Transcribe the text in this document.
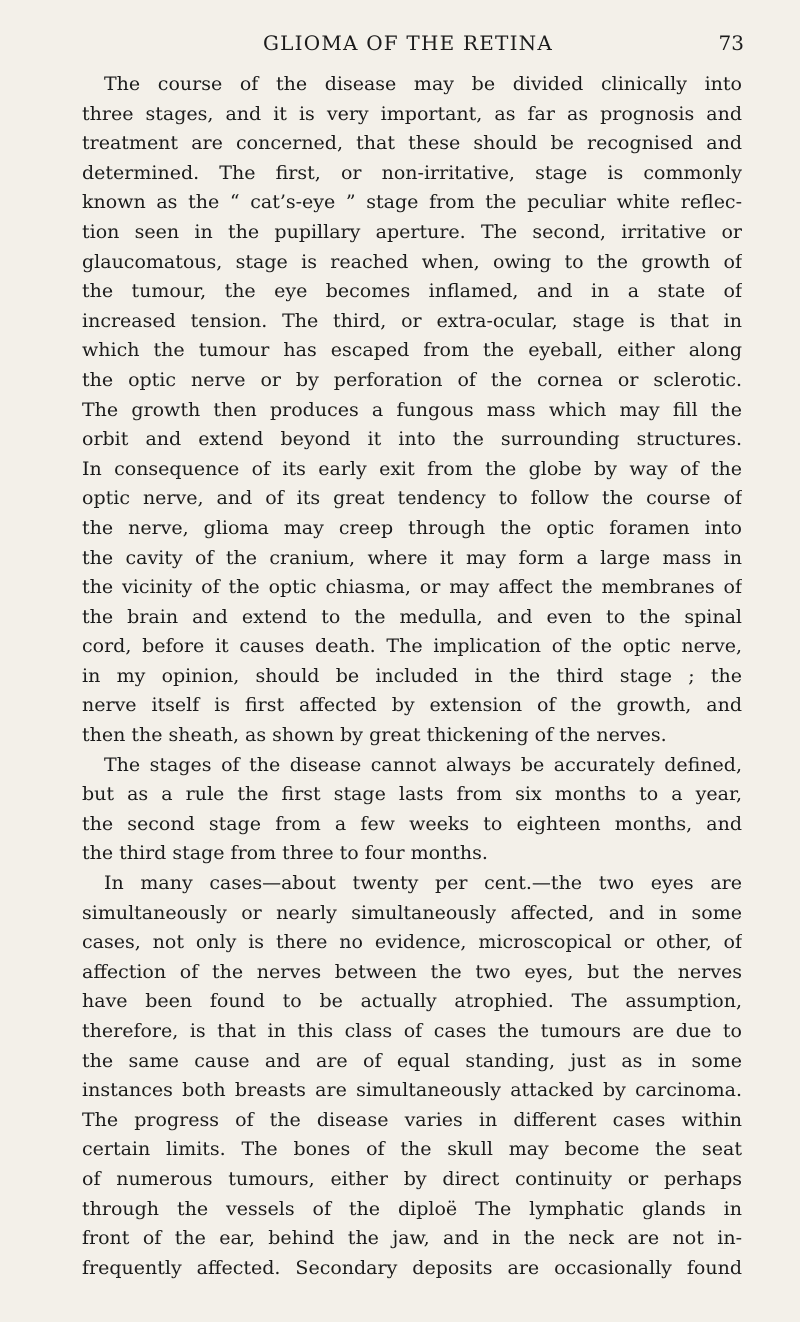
GLIOMA OF THE RETINA	73
The course of the disease may be divided clinically into
three stages, and it is very important, as far as prognosis and
treatment are concerned, that these should be recognised and
determined. The first, or non-irritative, stage is commonly
known as the “ cat’s-eye ” stage from the peculiar white reflec-
tion seen in the pupillary aperture. The second, irritative or
glaucomatous, stage is reached when, owing to the growth of
the tumour, the eye becomes inflamed, and in a state of
increased tension. The third, or extra-ocular, stage is that in
which the tumour has escaped from the eyeball, either along
the optic nerve or by perforation of the cornea or sclerotic.
The growth then produces a fungous mass which may fill the
orbit and extend beyond it into the surrounding structures.
In consequence of its early exit from the globe by way of the
optic nerve, and of its great tendency to follow the course of
the nerve, glioma may creep through the optic foramen into
the cavity of the cranium, where it may form a large mass in
the vicinity of the optic chiasma, or may affect the membranes of
the brain and extend to the medulla, and even to the spinal
cord, before it causes death. The implication of the optic nerve,
in my opinion, should be included in the third stage ; the
nerve itself is first affected by extension of the growth, and
then the sheath, as shown by great thickening of the nerves.
The stages of the disease cannot always be accurately defined,
but as a rule the first stage lasts from six months to a year,
the second stage from a few weeks to eighteen months, and
the third stage from three to four months.
In many cases—about twenty per cent.—the two eyes are
simultaneously or nearly simultaneously affected, and in some
cases, not only is there no evidence, microscopical or other, of
affection of the nerves between the two eyes, but the nerves
have been found to be actually atrophied. The assumption,
therefore, is that in this class of cases the tumours are due to
the same cause and are of equal standing, just as in some
instances both breasts are simultaneously attacked by carcinoma.
The progress of the disease varies in different cases within
certain limits. The bones of the skull may become the seat
of numerous tumours, either by direct continuity or perhaps
through the vessels of the diploë The lymphatic glands in
front of the ear, behind the jaw, and in the neck are not in-
frequently affected. Secondary deposits are occasionally found
